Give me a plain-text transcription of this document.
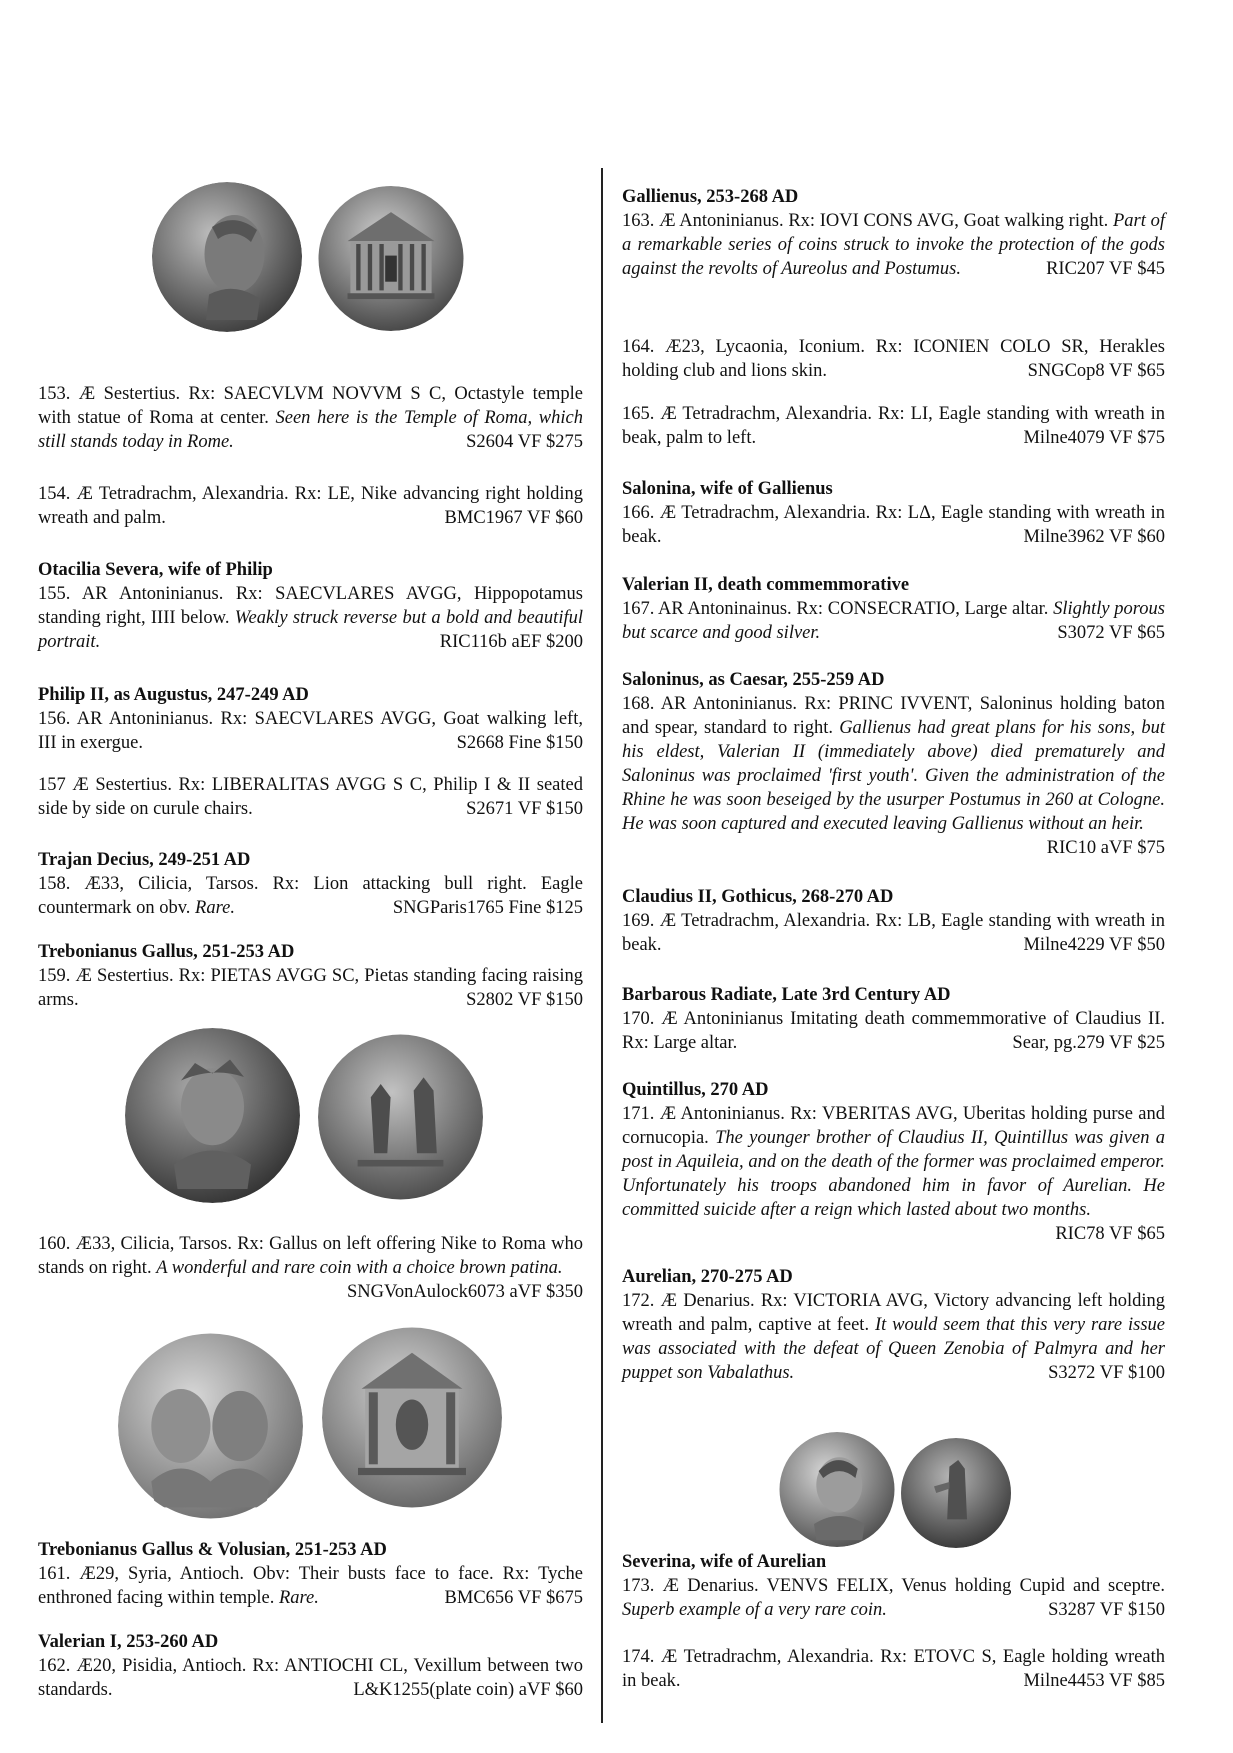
153. Æ Sestertius. Rx: SAECVLVM NOVVM S C, Octastyle temple with statue of Roma at center. Seen here is the Temple of Roma, which still stands today in Rome.	S2604 VF $275

154. Æ Tetradrachm, Alexandria. Rx: LE, Nike advancing right holding wreath and palm.	BMC1967 VF $60

Otacilia Severa, wife of Philip

155. AR Antoninianus. Rx: SAECVLARES AVGG, Hippopotamus standing right, IIII below. Weakly struck reverse but a bold and beautiful portrait.	RIC116b aEF $200

Philip II, as Augustus, 247-249 AD

156. AR Antoninianus. Rx: SAECVLARES AVGG, Goat walking left, III in exergue.	S2668 Fine $150

157 Æ Sestertius. Rx: LIBERALITAS AVGG S C, Philip I & II seated side by side on curule chairs.	S2671 VF $150

Trajan Decius, 249-251 AD

158. Æ33, Cilicia, Tarsos. Rx: Lion attacking bull right. Eagle countermark on obv. Rare.	SNGParis1765 Fine $125

Trebonianus Gallus, 251-253 AD

159. Æ Sestertius. Rx: PIETAS AVGG SC, Pietas standing facing raising arms.	S2802 VF $150

160. Æ33, Cilicia, Tarsos. Rx: Gallus on left offering Nike to Roma who stands on right. A wonderful and rare coin with a choice brown patina.
SNGVonAulock6073 aVF $350

Trebonianus Gallus & Volusian, 251-253 AD

161. Æ29, Syria, Antioch. Obv: Their busts face to face. Rx: Tyche enthroned facing within temple. Rare.	BMC656 VF $675

Valerian I, 253-260 AD

162. Æ20, Pisidia, Antioch. Rx: ANTIOCHI CL, Vexillum between two standards.	L&K1255(plate coin) aVF $60

Gallienus, 253-268 AD

163. Æ Antoninianus. Rx: IOVI CONS AVG, Goat walking right. Part of a remarkable series of coins struck to invoke the protection of the gods against the revolts of Aureolus and Postumus.	RIC207 VF $45

164. Æ23, Lycaonia, Iconium. Rx: ICONIEN COLO SR, Herakles holding club and lions skin.	SNGCop8 VF $65

165. Æ Tetradrachm, Alexandria. Rx: LI, Eagle standing with wreath in beak, palm to left.	Milne4079 VF $75

Salonina, wife of Gallienus

166. Æ Tetradrachm, Alexandria. Rx: LΔ, Eagle standing with wreath in beak.	Milne3962 VF $60

Valerian II, death commemmorative

167. AR Antoninainus. Rx: CONSECRATIO, Large altar. Slightly porous but scarce and good silver.	S3072 VF $65

Saloninus, as Caesar, 255-259 AD

168. AR Antoninianus. Rx: PRINC IVVENT, Saloninus holding baton and spear, standard to right. Gallienus had great plans for his sons, but his eldest, Valerian II (immediately above) died prematurely and Saloninus was proclaimed 'first youth'. Given the administration of the Rhine he was soon beseiged by the usurper Postumus in 260 at Cologne. He was soon captured and executed leaving Gallienus without an heir.
RIC10 aVF $75

Claudius II, Gothicus, 268-270 AD

169. Æ Tetradrachm, Alexandria. Rx: LB, Eagle standing with wreath in beak.	Milne4229 VF $50

Barbarous Radiate, Late 3rd Century AD

170. Æ Antoninianus Imitating death commemmorative of Claudius II. Rx: Large altar.	Sear, pg.279 VF $25

Quintillus, 270 AD

171. Æ Antoninianus. Rx: VBERITAS AVG, Uberitas holding purse and cornucopia. The younger brother of Claudius II, Quintillus was given a post in Aquileia, and on the death of the former was proclaimed emperor. Unfortunately his troops abandoned him in favor of Aurelian. He committed suicide after a reign which lasted about two months.
RIC78 VF $65

Aurelian, 270-275 AD

172. Æ Denarius. Rx: VICTORIA AVG, Victory advancing left holding wreath and palm, captive at feet. It would seem that this very rare issue was associated with the defeat of Queen Zenobia of Palmyra and her puppet son Vabalathus.	S3272 VF $100

Severina, wife of Aurelian

173. Æ Denarius. VENVS FELIX, Venus holding Cupid and sceptre. Superb example of a very rare coin.	S3287 VF $150

174. Æ Tetradrachm, Alexandria. Rx: ETOVC S, Eagle holding wreath in beak.	Milne4453 VF $85
